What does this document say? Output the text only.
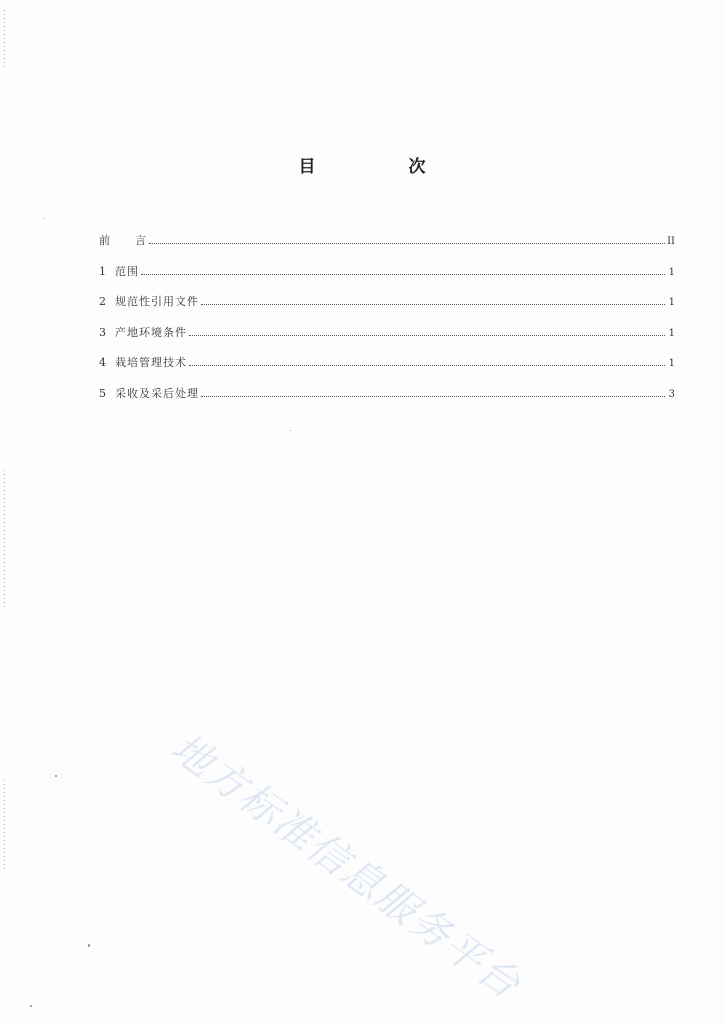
目　次
前　　言	II
1 范围	1
2 规范性引用文件	1
3 产地环境条件	1
4 栽培管理技术	1
5 采收及采后处理	3
地方标准信息服务平台
